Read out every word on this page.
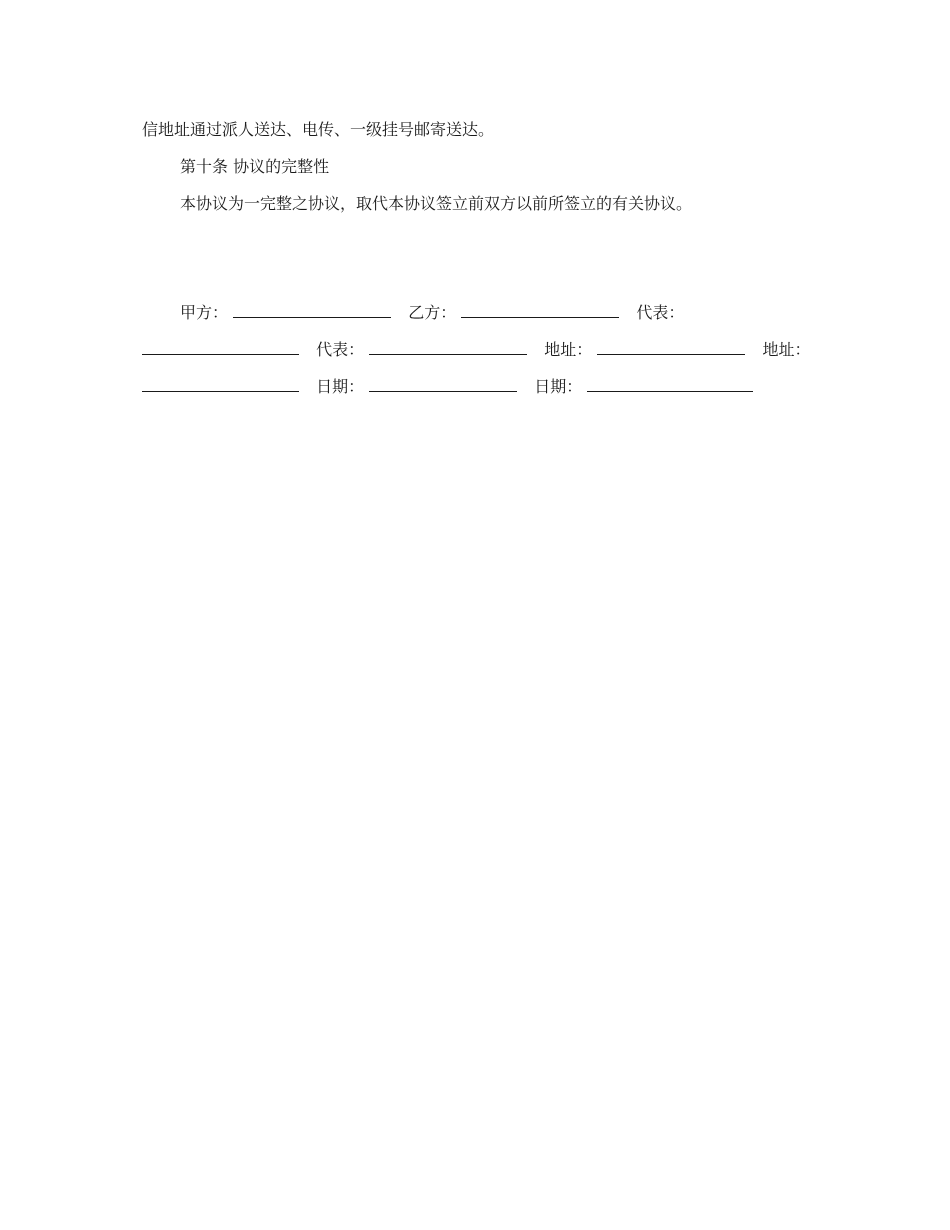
信地址通过派人送达、电传、一级挂号邮寄送达。
第十条 协议的完整性
本协议为一完整之协议，取代本协议签立前双方以前所签立的有关协议。
甲方：	乙方：	代表：
代表：	地址：	地址：
日期：	日期：
